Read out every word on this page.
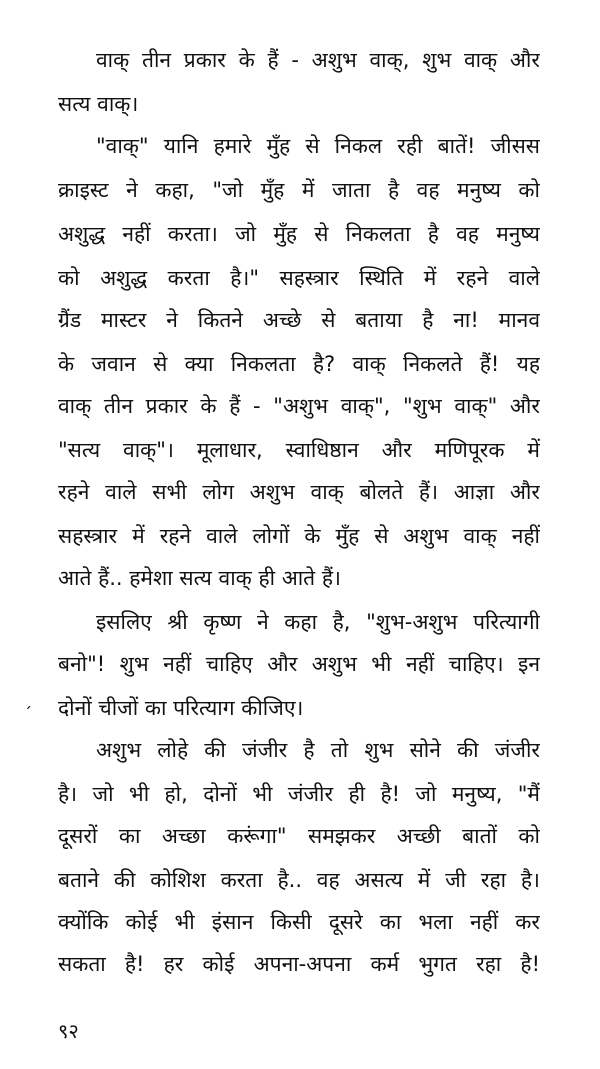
वाक् तीन प्रकार के हैं - अशुभ वाक्, शुभ वाक् और
सत्य वाक्।
"वाक्" यानि हमारे मुँह से निकल रही बातें! जीसस
क्राइस्ट ने कहा, "जो मुँह में जाता है वह मनुष्य को
अशुद्ध नहीं करता। जो मुँह से निकलता है वह मनुष्य
को अशुद्ध करता है।" सहस्त्रार स्थिति में रहने वाले
ग्रैंड मास्टर ने कितने अच्छे से बताया है ना! मानव
के जवान से क्या निकलता है? वाक् निकलते हैं! यह
वाक् तीन प्रकार के हैं - "अशुभ वाक्", "शुभ वाक्" और
"सत्य वाक्"। मूलाधार, स्वाधिष्ठान और मणिपूरक में
रहने वाले सभी लोग अशुभ वाक् बोलते हैं। आज्ञा और
सहस्त्रार में रहने वाले लोगों के मुँह से अशुभ वाक् नहीं
आते हैं.. हमेशा सत्य वाक् ही आते हैं।
इसलिए श्री कृष्ण ने कहा है, "शुभ-अशुभ परित्यागी
बनो"! शुभ नहीं चाहिए और अशुभ भी नहीं चाहिए। इन
दोनों चीजों का परित्याग कीजिए।
ˏ
अशुभ लोहे की जंजीर है तो शुभ सोने की जंजीर
है। जो भी हो, दोनों भी जंजीर ही है! जो मनुष्य, "मैं
दूसरों का अच्छा करूंगा" समझकर अच्छी बातों को
बताने की कोशिश करता है.. वह असत्य में जी रहा है।
क्योंकि कोई भी इंसान किसी दूसरे का भला नहीं कर
सकता है! हर कोई अपना-अपना कर्म भुगत रहा है!
९२
